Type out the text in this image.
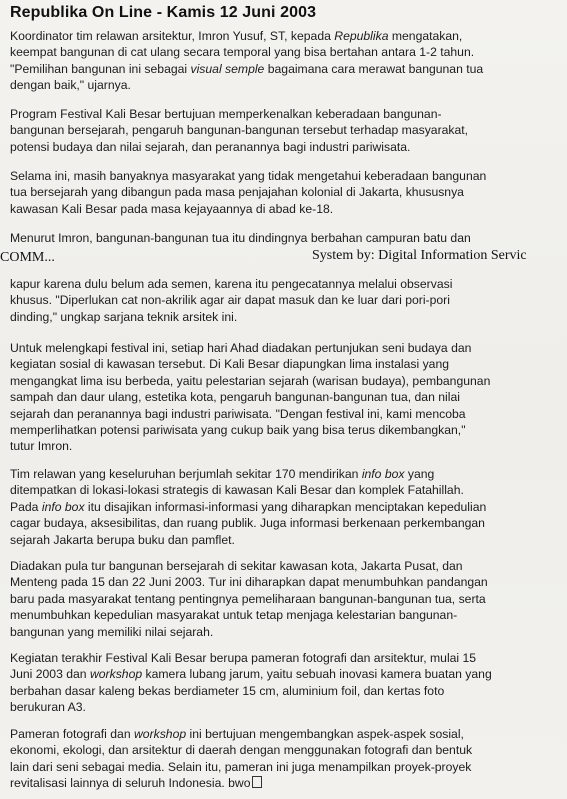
Republika On Line - Kamis 12 Juni 2003
Koordinator tim relawan arsitektur, Imron Yusuf, ST, kepada Republika mengatakan,
keempat bangunan di cat ulang secara temporal yang bisa bertahan antara 1-2 tahun.
"Pemilihan bangunan ini sebagai visual semple bagaimana cara merawat bangunan tua
dengan baik," ujarnya.
Program Festival Kali Besar bertujuan memperkenalkan keberadaan bangunan-
bangunan bersejarah, pengaruh bangunan-bangunan tersebut terhadap masyarakat,
potensi budaya dan nilai sejarah, dan peranannya bagi industri pariwisata.
Selama ini, masih banyaknya masyarakat yang tidak mengetahui keberadaan bangunan
tua bersejarah yang dibangun pada masa penjajahan kolonial di Jakarta, khususnya
kawasan Kali Besar pada masa kejayaannya di abad ke-18.
Menurut Imron, bangunan-bangunan tua itu dindingnya berbahan campuran batu dan
COMM...	System by: Digital Information Servic
kapur karena dulu belum ada semen, karena itu pengecatannya melalui observasi
khusus. "Diperlukan cat non-akrilik agar air dapat masuk dan ke luar dari pori-pori
dinding," ungkap sarjana teknik arsitek ini.
Untuk melengkapi festival ini, setiap hari Ahad diadakan pertunjukan seni budaya dan
kegiatan sosial di kawasan tersebut. Di Kali Besar diapungkan lima instalasi yang
mengangkat lima isu berbeda, yaitu pelestarian sejarah (warisan budaya), pembangunan
sampah dan daur ulang, estetika kota, pengaruh bangunan-bangunan tua, dan nilai
sejarah dan peranannya bagi industri pariwisata. "Dengan festival ini, kami mencoba
memperlihatkan potensi pariwisata yang cukup baik yang bisa terus dikembangkan,"
tutur Imron.
Tim relawan yang keseluruhan berjumlah sekitar 170 mendirikan info box yang
ditempatkan di lokasi-lokasi strategis di kawasan Kali Besar dan komplek Fatahillah.
Pada info box itu disajikan informasi-informasi yang diharapkan menciptakan kepedulian
cagar budaya, aksesibilitas, dan ruang publik. Juga informasi berkenaan perkembangan
sejarah Jakarta berupa buku dan pamflet.
Diadakan pula tur bangunan bersejarah di sekitar kawasan kota, Jakarta Pusat, dan
Menteng pada 15 dan 22 Juni 2003. Tur ini diharapkan dapat menumbuhkan pandangan
baru pada masyarakat tentang pentingnya pemeliharaan bangunan-bangunan tua, serta
menumbuhkan kepedulian masyarakat untuk tetap menjaga kelestarian bangunan-
bangunan yang memiliki nilai sejarah.
Kegiatan terakhir Festival Kali Besar berupa pameran fotografi dan arsitektur, mulai 15
Juni 2003 dan workshop kamera lubang jarum, yaitu sebuah inovasi kamera buatan yang
berbahan dasar kaleng bekas berdiameter 15 cm, aluminium foil, dan kertas foto
berukuran A3.
Pameran fotografi dan workshop ini bertujuan mengembangkan aspek-aspek sosial,
ekonomi, ekologi, dan arsitektur di daerah dengan menggunakan fotografi dan bentuk
lain dari seni sebagai media. Selain itu, pameran ini juga menampilkan proyek-proyek
revitalisasi lainnya di seluruh Indonesia. bwo
